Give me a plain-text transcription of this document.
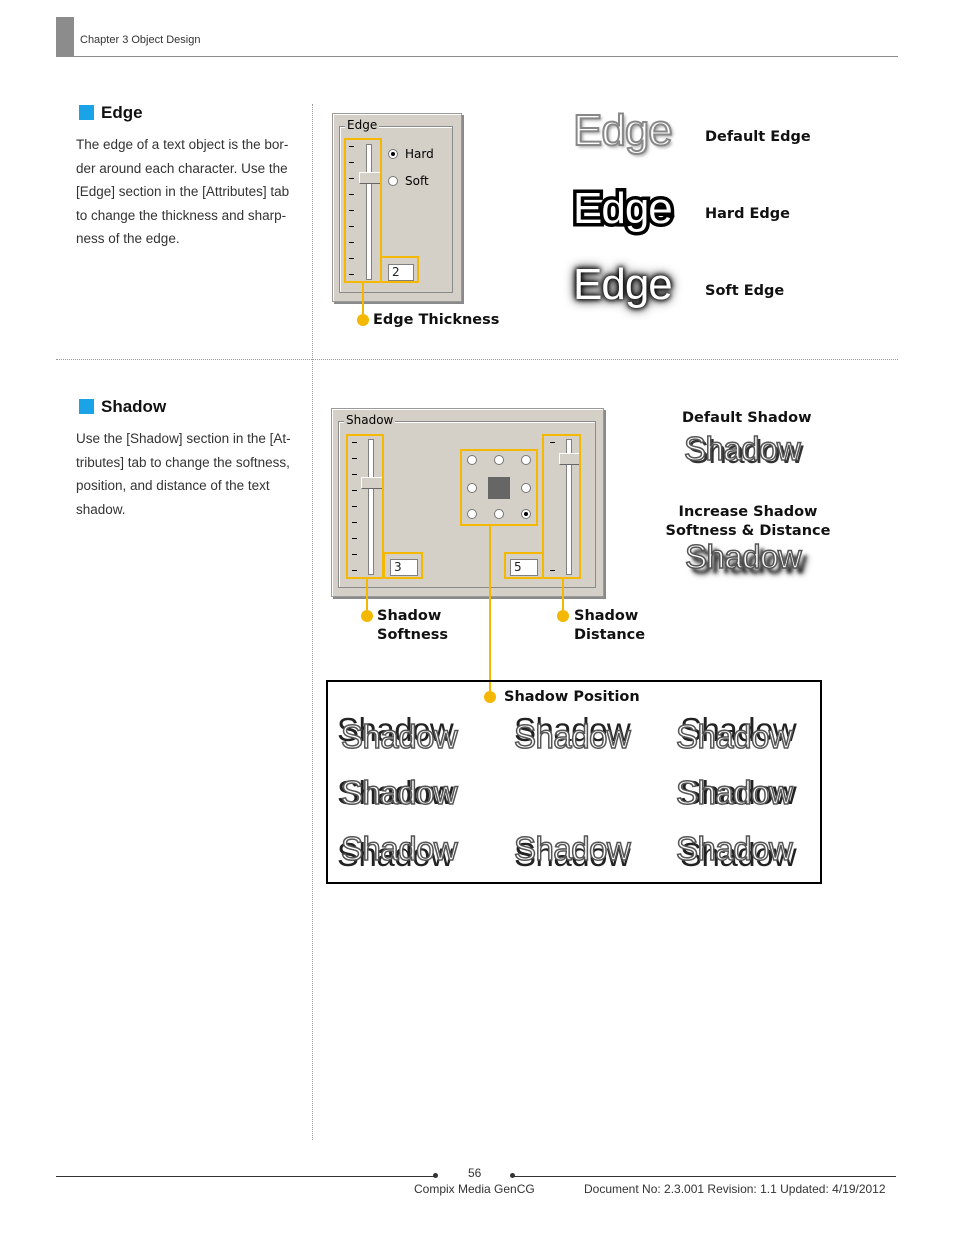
Chapter 3 Object Design
Edge
The edge of a text object is the bor-
der around each character. Use the
[Edge] section in the [Attributes] tab
to change the thickness and sharp-
ness of the edge.
Edge
2
Hard
Soft
Edge Thickness
Edge Default Edge
Edge Hard Edge
Edge Soft Edge
Shadow
Use the [Shadow] section in the [At-
tributes] tab to change the softness,
position, and distance of the text
shadow.
Shadow
3	5
Shadow
Softness
Shadow
Distance
Default Shadow
Shadow
Increase Shadow
Softness & Distance
Shadow
Shadow Position
Shadow Shadow Shadow
Shadow	Shadow
Shadow Shadow Shadow
56
Compix Media GenCG	Document No: 2.3.001 Revision: 1.1 Updated: 4/19/2012
